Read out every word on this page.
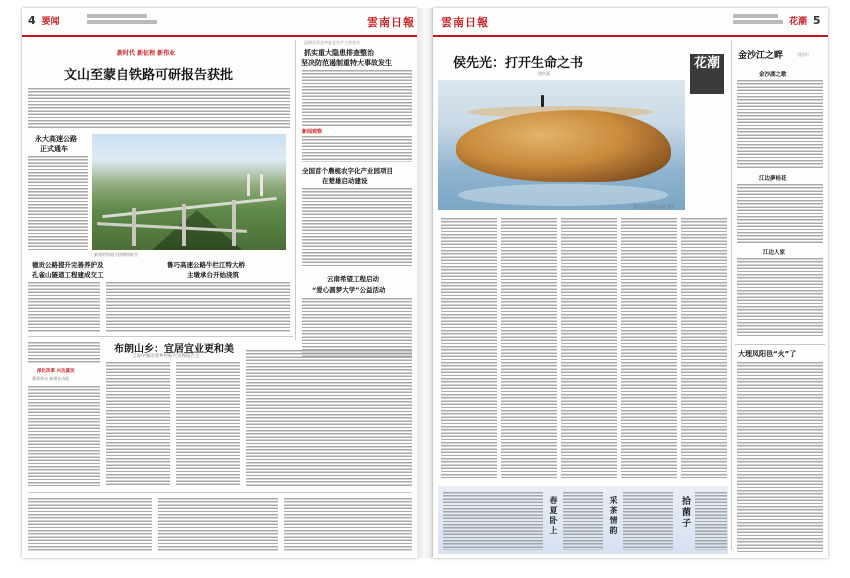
4 要闻	雲南日報
新时代 新征程 新伟业
文山至蒙自铁路可研报告获批
昆明召开全市安全生产工作会议
抓实重大隐患排查整治
坚决防范遏制重特大事故发生
新闻观察
全国首个農梳农字化产业园项目
在楚雄启动建设
云南希望工程启动
“爱心圆梦大学”公益活动
永大高速公路
正式通车
新建的铁路大桥横跨峡谷
德贡公路提升完善养护及
孔雀山隧道工程建成交工
鲁巧高速公路牛栏江特大桥
主墩承台开始浇筑
深化改革 兴边富民
赛事带动 新增长动能
布朗山乡：宜居宜业更和美
云南中缅边境乡村振兴实践报告之一
雲南日報	花潮 5
侯先光：打开生命之书
钱红燕
花潮
澄江化石地质公园 供图
金沙江之畔	（组诗）
金沙湖之歌
江边夢桂花
江边人家
大理凤阳邑“火”了
春夏卧上	采茶情韵	拾菌子
